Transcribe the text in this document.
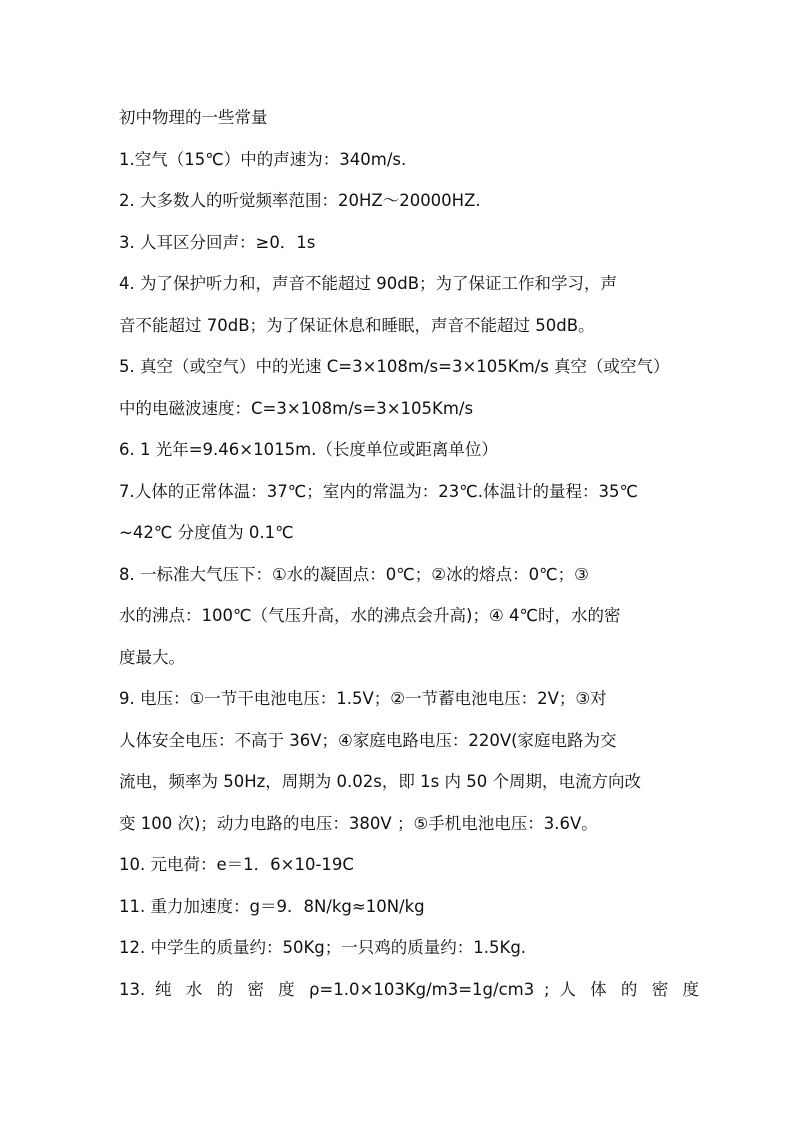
初中物理的一些常量
1.空气（15℃）中的声速为：340m/s.
2. 大多数人的听觉频率范围：20HZ～20000HZ.
3. 人耳区分回声：≥0．1s
4. 为了保护听力和，声音不能超过 90dB；为了保证工作和学习，声
音不能超过 70dB；为了保证休息和睡眠，声音不能超过 50dB。
5. 真空（或空气）中的光速 C=3×108m/s=3×105Km/s 真空（或空气）
中的电磁波速度：C=3×108m/s=3×105Km/s
6. 1 光年=9.46×1015m.（长度单位或距离单位）
7.人体的正常体温：37℃；室内的常温为：23℃.体温计的量程：35℃
~42℃ 分度值为 0.1℃
8. 一标准大气压下：①水的凝固点：0℃；②冰的熔点：0℃；③
水的沸点：100℃（气压升高，水的沸点会升高)；④ 4℃时，水的密
度最大。
9. 电压：①一节干电池电压：1.5V；②一节蓄电池电压：2V；③对
人体安全电压：不高于 36V；④家庭电路电压：220V(家庭电路为交
流电，频率为 50Hz，周期为 0.02s，即 1s 内 50 个周期，电流方向改
变 100 次)；动力电路的电压：380V ；⑤手机电池电压：3.6V。
10. 元电荷：e＝1．6×10-19C
11. 重力加速度：g＝9．8N/kg≈10N/kg
12. 中学生的质量约：50Kg；一只鸡的质量约：1.5Kg.
13. 纯 水 的 密 度 ρ=1.0×103Kg/m3=1g/cm3 ; 人 体 的 密 度
